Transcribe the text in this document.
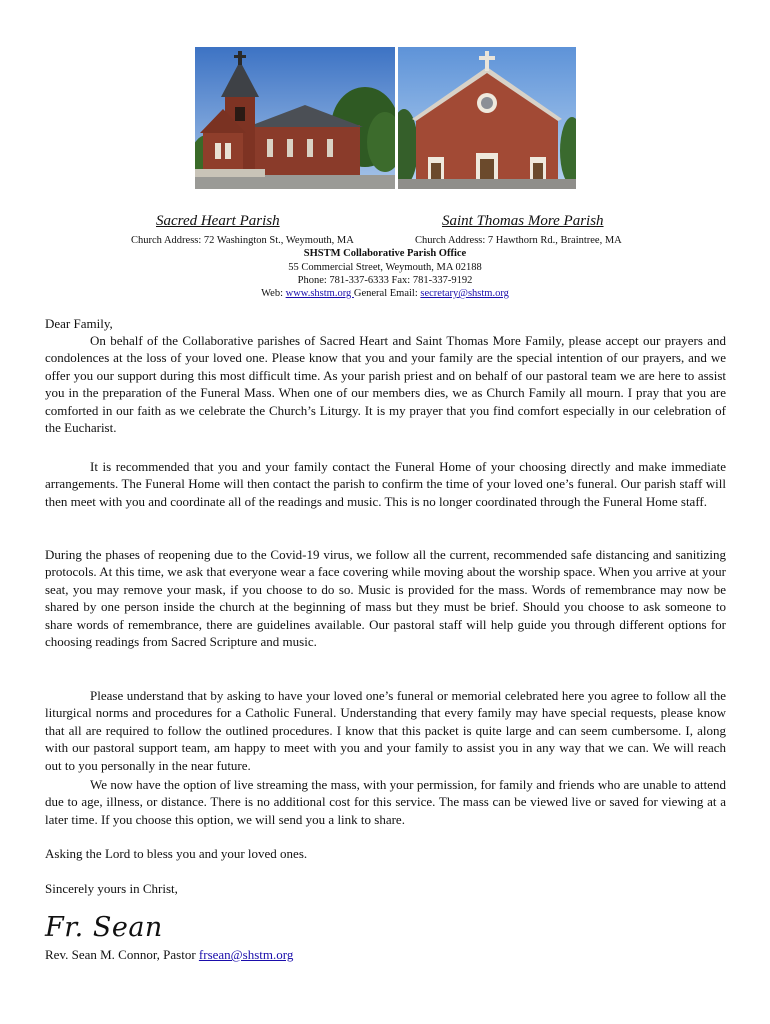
Sacred Heart Parish	Saint Thomas More Parish
Church Address: 72 Washington St., Weymouth, MA	Church Address: 7 Hawthorn Rd., Braintree, MA
SHSTM Collaborative Parish Office
55 Commercial Street, Weymouth, MA 02188
Phone: 781-337-6333 Fax: 781-337-9192
Web: www.shstm.org General Email: secretary@shstm.org

Dear Family,

On behalf of the Collaborative parishes of Sacred Heart and Saint Thomas More Family, please accept our prayers and condolences at the loss of your loved one. Please know that you and your family are the special intention of our prayers, and we offer you our support during this most difficult time. As your parish priest and on behalf of our pastoral team we are here to assist you in the preparation of the Funeral Mass. When one of our members dies, we as Church Family all mourn. I pray that you are comforted in our faith as we celebrate the Church’s Liturgy. It is my prayer that you find comfort especially in our celebration of the Eucharist.

It is recommended that you and your family contact the Funeral Home of your choosing directly and make immediate arrangements. The Funeral Home will then contact the parish to confirm the time of your loved one’s funeral. Our parish staff will then meet with you and coordinate all of the readings and music. This is no longer coordinated through the Funeral Home staff.

During the phases of reopening due to the Covid-19 virus, we follow all the current, recommended safe distancing and sanitizing protocols. At this time, we ask that everyone wear a face covering while moving about the worship space. When you arrive at your seat, you may remove your mask, if you choose to do so. Music is provided for the mass. Words of remembrance may now be shared by one person inside the church at the beginning of mass but they must be brief. Should you choose to ask someone to share words of remembrance, there are guidelines available. Our pastoral staff will help guide you through different options for choosing readings from Sacred Scripture and music.

Please understand that by asking to have your loved one’s funeral or memorial celebrated here you agree to follow all the liturgical norms and procedures for a Catholic Funeral. Understanding that every family may have special requests, please know that all are required to follow the outlined procedures. I know that this packet is quite large and can seem cumbersome. I, along with our pastoral support team, am happy to meet with you and your family to assist you in any way that we can. We will reach out to you personally in the near future.

We now have the option of live streaming the mass, with your permission, for family and friends who are unable to attend due to age, illness, or distance. There is no additional cost for this service. The mass can be viewed live or saved for viewing at a later time. If you choose this option, we will send you a link to share.

Asking the Lord to bless you and your loved ones.

Sincerely yours in Christ,

Fr. Sean
Rev. Sean M. Connor, Pastor frsean@shstm.org
